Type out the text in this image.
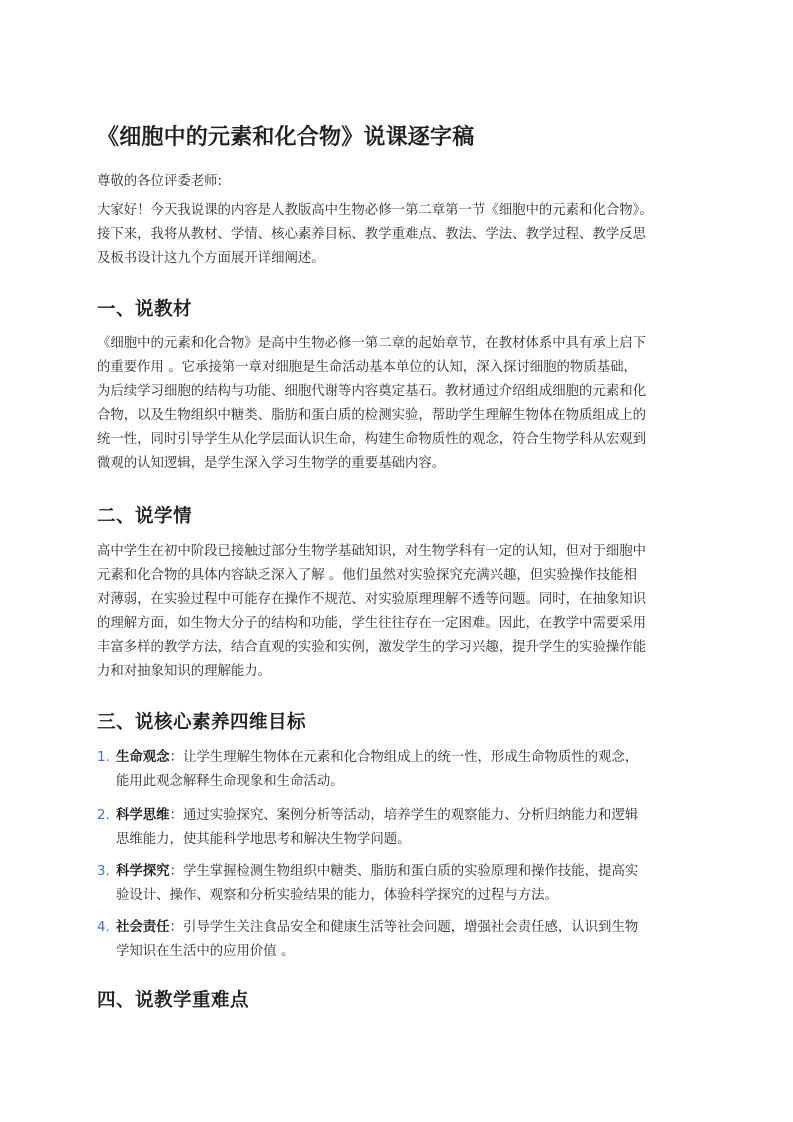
《细胞中的元素和化合物》说课逐字稿

尊敬的各位评委老师:

大家好！今天我说课的内容是人教版高中生物必修一第二章第一节《细胞中的元素和化合物》。
接下来，我将从教材、学情、核心素养目标、教学重难点、教法、学法、教学过程、教学反思
及板书设计这九个方面展开详细阐述。

一、说教材

《细胞中的元素和化合物》是高中生物必修一第二章的起始章节，在教材体系中具有承上启下
的重要作用 。它承接第一章对细胞是生命活动基本单位的认知，深入探讨细胞的物质基础，
为后续学习细胞的结构与功能、细胞代谢等内容奠定基石。教材通过介绍组成细胞的元素和化
合物，以及生物组织中糖类、脂肪和蛋白质的检测实验，帮助学生理解生物体在物质组成上的
统一性，同时引导学生从化学层面认识生命，构建生命物质性的观念，符合生物学科从宏观到
微观的认知逻辑，是学生深入学习生物学的重要基础内容。

二、说学情

高中学生在初中阶段已接触过部分生物学基础知识，对生物学科有一定的认知，但对于细胞中
元素和化合物的具体内容缺乏深入了解 。他们虽然对实验探究充满兴趣，但实验操作技能相
对薄弱，在实验过程中可能存在操作不规范、对实验原理理解不透等问题。同时，在抽象知识
的理解方面，如生物大分子的结构和功能，学生往往存在一定困难。因此，在教学中需要采用
丰富多样的教学方法，结合直观的实验和实例，激发学生的学习兴趣，提升学生的实验操作能
力和对抽象知识的理解能力。

三、说核心素养四维目标
1. 生命观念：让学生理解生物体在元素和化合物组成上的统一性，形成生命物质性的观念，
能用此观念解释生命现象和生命活动。
2. 科学思维：通过实验探究、案例分析等活动，培养学生的观察能力、分析归纳能力和逻辑
思维能力，使其能科学地思考和解决生物学问题。
3. 科学探究：学生掌握检测生物组织中糖类、脂肪和蛋白质的实验原理和操作技能，提高实
验设计、操作、观察和分析实验结果的能力，体验科学探究的过程与方法。
4. 社会责任：引导学生关注食品安全和健康生活等社会问题，增强社会责任感，认识到生物
学知识在生活中的应用价值 。
四、说教学重难点
